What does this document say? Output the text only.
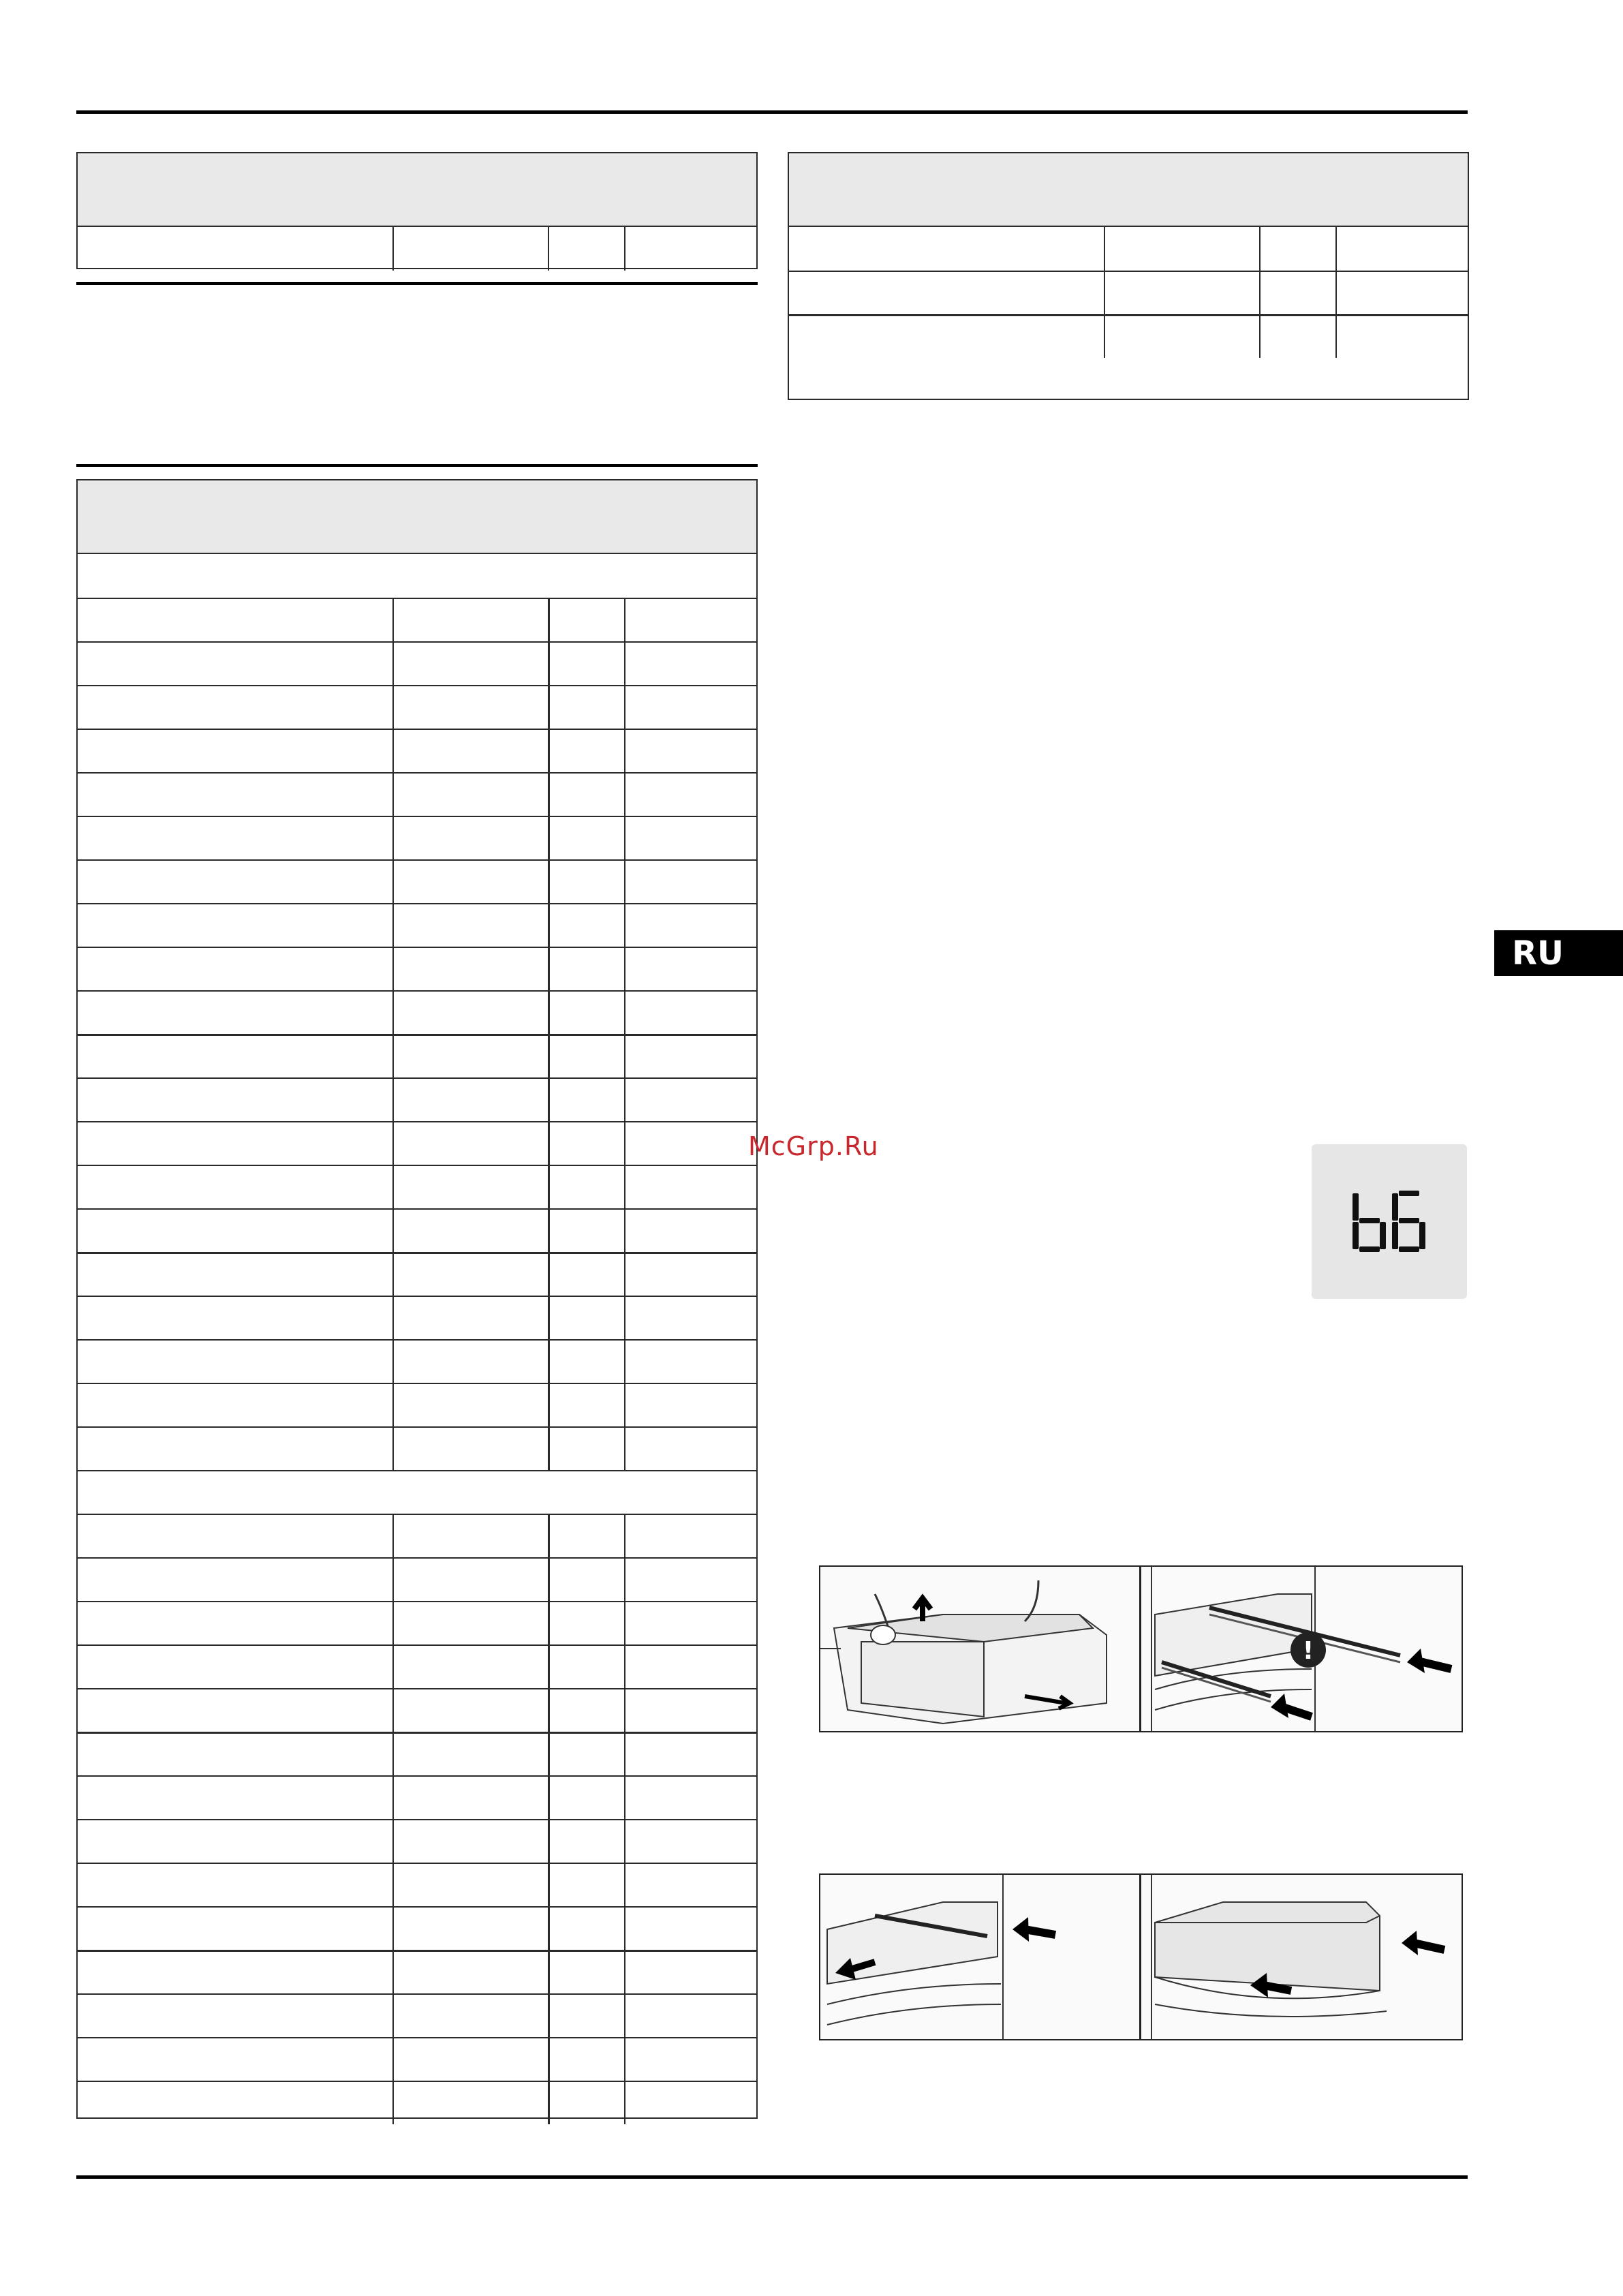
McGrp.Ru
RU
!
